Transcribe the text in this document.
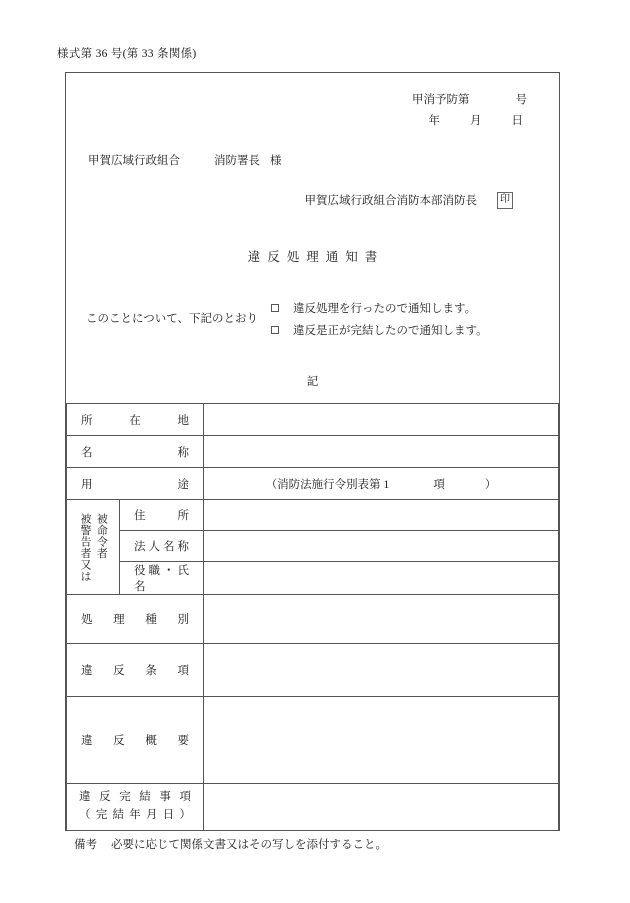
様式第 36 号(第 33 条関係)
甲消予防第	号
年	月	日
甲賀広域行政組合	消防署長 様
甲賀広域行政組合消防本部消防長 印
違反処理通知書
このことについて、下記のとおり
違反処理を行ったので通知します。
違反是正が完結したので通知します。
記
所在地		

名称		

用途		（消防法施行令別表第 1 項 ）

被命令者
被警告者又は	住所	

	法人名称	

	役職・氏名	

処理種別		

違反条項		

違反概要		

違反完結事項
（完結年月日）		

備考 必要に応じて関係文書又はその写しを添付すること。
